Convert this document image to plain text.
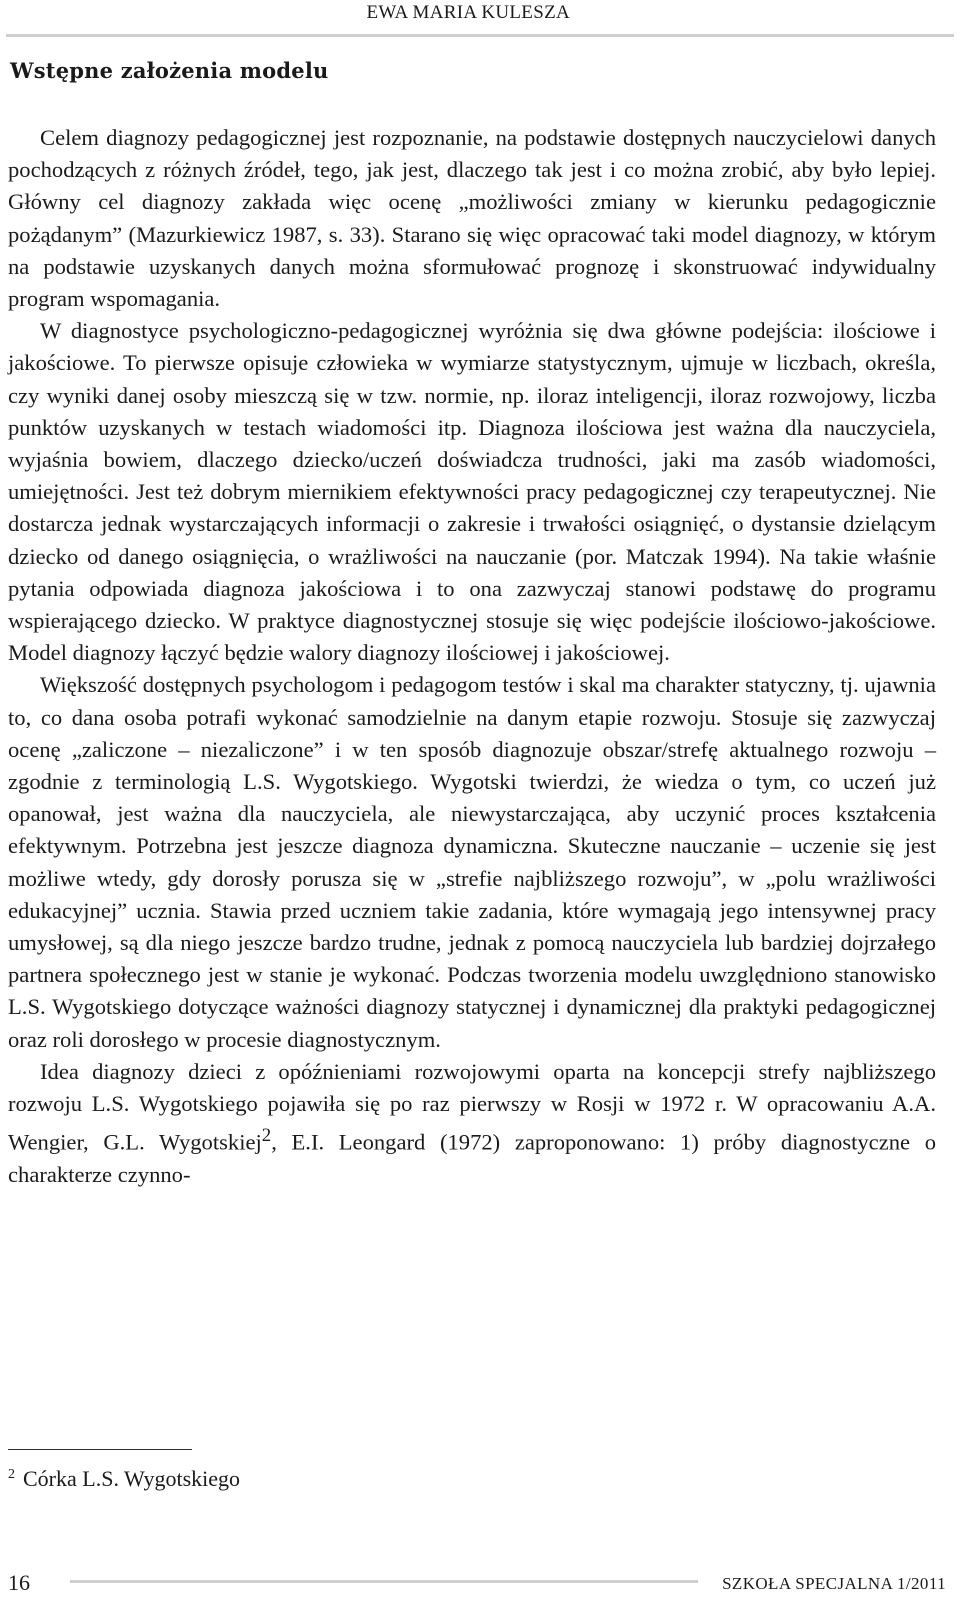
EWA MARIA KULESZA
Wstępne założenia modelu

Celem diagnozy pedagogicznej jest rozpoznanie, na podstawie dostępnych nauczycielowi danych pochodzących z różnych źródeł, tego, jak jest, dlaczego tak jest i co można zrobić, aby było lepiej. Główny cel diagnozy zakłada więc ocenę „możliwości zmiany w kierunku pedagogicznie pożądanym” (Mazurkiewicz 1987, s. 33). Starano się więc opracować taki model diagnozy, w którym na podstawie uzyskanych danych można sformułować prognozę i skonstruować indywidualny program wspomagania.

W diagnostyce psychologiczno-pedagogicznej wyróżnia się dwa główne podejścia: ilościowe i jakościowe. To pierwsze opisuje człowieka w wymiarze statystycznym, ujmuje w liczbach, określa, czy wyniki danej osoby mieszczą się w tzw. normie, np. iloraz inteligencji, iloraz rozwojowy, liczba punktów uzyskanych w testach wiadomości itp. Diagnoza ilościowa jest ważna dla nauczyciela, wyjaśnia bowiem, dlaczego dziecko/uczeń doświadcza trudności, jaki ma zasób wiadomości, umiejętności. Jest też dobrym miernikiem efektywności pracy pedagogicznej czy terapeutycznej. Nie dostarcza jednak wystarczających informacji o zakresie i trwałości osiągnięć, o dystansie dzielącym dziecko od danego osiągnięcia, o wrażliwości na nauczanie (por. Matczak 1994). Na takie właśnie pytania odpowiada diagnoza jakościowa i to ona zazwyczaj stanowi podstawę do programu wspierającego dziecko. W praktyce diagnostycznej stosuje się więc podejście ilościowo-jakościowe. Model diagnozy łączyć będzie walory diagnozy ilościowej i jakościowej.

Większość dostępnych psychologom i pedagogom testów i skal ma charakter statyczny, tj. ujawnia to, co dana osoba potrafi wykonać samodzielnie na danym etapie rozwoju. Stosuje się zazwyczaj ocenę „zaliczone – niezaliczone” i w ten sposób diagnozuje obszar/strefę aktualnego rozwoju – zgodnie z terminologią L.S. Wygotskiego. Wygotski twierdzi, że wiedza o tym, co uczeń już opanował, jest ważna dla nauczyciela, ale niewystarczająca, aby uczynić proces kształcenia efektywnym. Potrzebna jest jeszcze diagnoza dynamiczna. Skuteczne nauczanie – uczenie się jest możliwe wtedy, gdy dorosły porusza się w „strefie najbliższego rozwoju”, w „polu wrażliwości edukacyjnej” ucznia. Stawia przed uczniem takie zadania, które wymagają jego intensywnej pracy umysłowej, są dla niego jeszcze bardzo trudne, jednak z pomocą nauczyciela lub bardziej dojrzałego partnera społecznego jest w stanie je wykonać. Podczas tworzenia modelu uwzględniono stanowisko L.S. Wygotskiego dotyczące ważności diagnozy statycznej i dynamicznej dla praktyki pedagogicznej oraz roli dorosłego w procesie diagnostycznym.

Idea diagnozy dzieci z opóźnieniami rozwojowymi oparta na koncepcji strefy najbliższego rozwoju L.S. Wygotskiego pojawiła się po raz pierwszy w Rosji w 1972 r. W opracowaniu A.A. Wengier, G.L. Wygotskiej$^2$, E.I. Leongard (1972) zaproponowano: 1) próby diagnostyczne o charakterze czynno-

$^2$ Córka L.S. Wygotskiego
16	SZKOŁA SPECJALNA 1/2011
